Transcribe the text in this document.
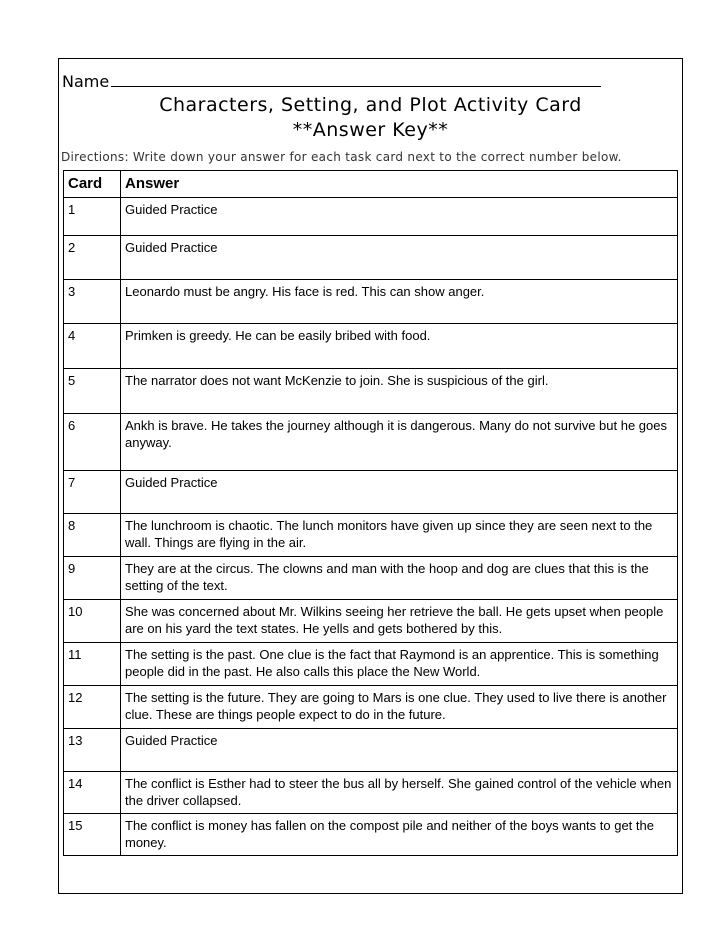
Name
Characters, Setting, and Plot Activity Card
**Answer Key**
Directions: Write down your answer for each task card next to the correct number below.
Card	Answer
1	Guided Practice
2	Guided Practice
3	Leonardo must be angry. His face is red. This can show anger.
4	Primken is greedy. He can be easily bribed with food.
5	The narrator does not want McKenzie to join. She is suspicious of the girl.
6	Ankh is brave. He takes the journey although it is dangerous. Many do not survive but he goes anyway.
7	Guided Practice
8	The lunchroom is chaotic. The lunch monitors have given up since they are seen next to the wall. Things are flying in the air.
9	They are at the circus. The clowns and man with the hoop and dog are clues that this is the setting of the text.
10	She was concerned about Mr. Wilkins seeing her retrieve the ball. He gets upset when people are on his yard the text states. He yells and gets bothered by this.
11	The setting is the past. One clue is the fact that Raymond is an apprentice. This is something people did in the past. He also calls this place the New World.
12	The setting is the future. They are going to Mars is one clue. They used to live there is another clue. These are things people expect to do in the future.
13	Guided Practice
14	The conflict is Esther had to steer the bus all by herself. She gained control of the vehicle when the driver collapsed.
15	The conflict is money has fallen on the compost pile and neither of the boys wants to get the money.
